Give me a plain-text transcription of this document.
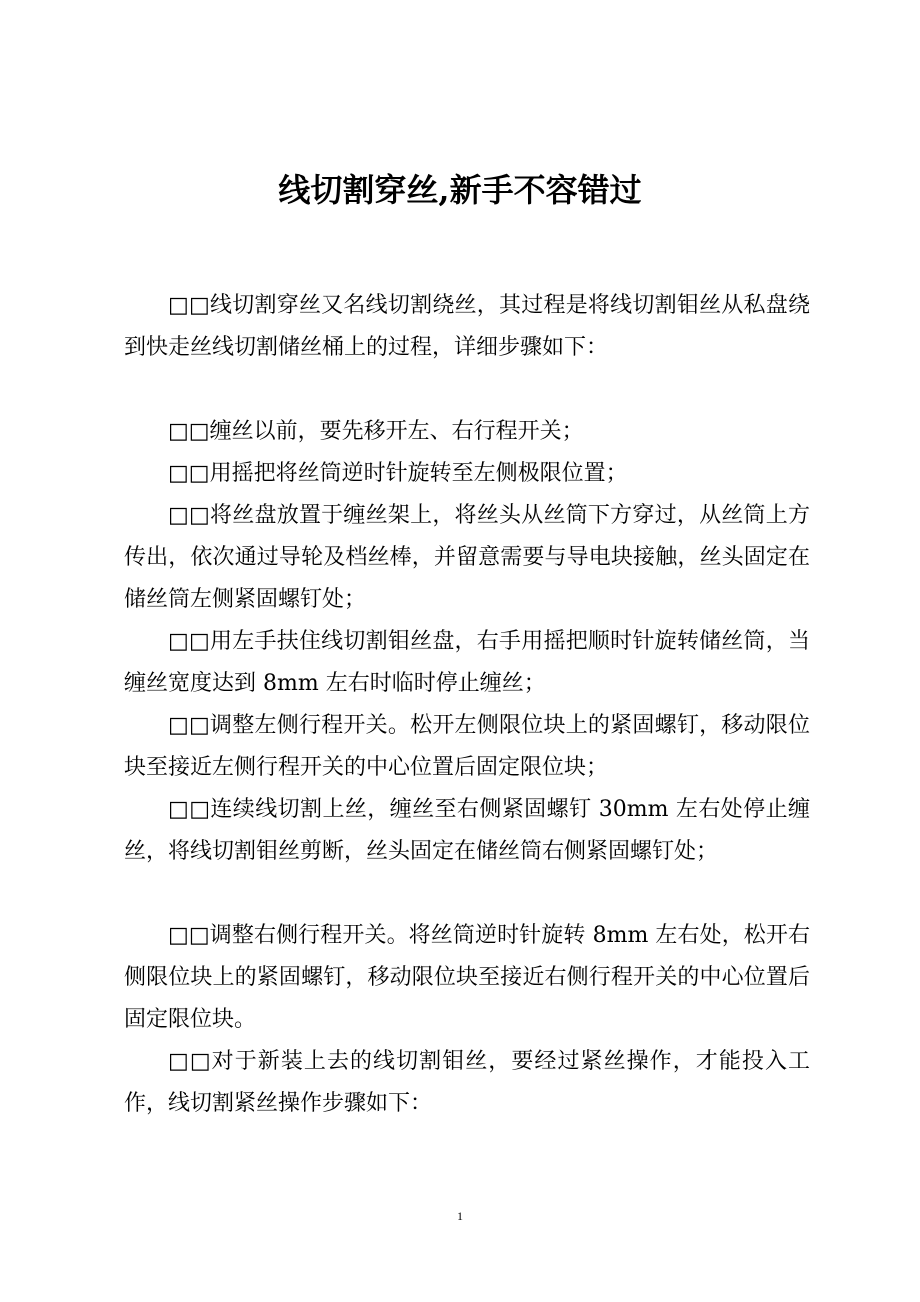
线切割穿丝,新手不容错过

□□线切割穿丝又名线切割绕丝，其过程是将线切割钼丝从私盘绕到快走丝线切割储丝桶上的过程，详细步骤如下：

□□缠丝以前，要先移开左、右行程开关；

□□用摇把将丝筒逆时针旋转至左侧极限位置；

□□将丝盘放置于缠丝架上，将丝头从丝筒下方穿过，从丝筒上方传出，依次通过导轮及档丝棒，并留意需要与导电块接触，丝头固定在储丝筒左侧紧固螺钉处；

□□用左手扶住线切割钼丝盘，右手用摇把顺时针旋转储丝筒，当缠丝宽度达到 8mm 左右时临时停止缠丝；

□□调整左侧行程开关。松开左侧限位块上的紧固螺钉，移动限位块至接近左侧行程开关的中心位置后固定限位块；

□□连续线切割上丝，缠丝至右侧紧固螺钉 30mm 左右处停止缠丝，将线切割钼丝剪断，丝头固定在储丝筒右侧紧固螺钉处；

□□调整右侧行程开关。将丝筒逆时针旋转 8mm 左右处，松开右侧限位块上的紧固螺钉，移动限位块至接近右侧行程开关的中心位置后固定限位块。

□□对于新装上去的线切割钼丝，要经过紧丝操作，才能投入工作，线切割紧丝操作步骤如下：

1
